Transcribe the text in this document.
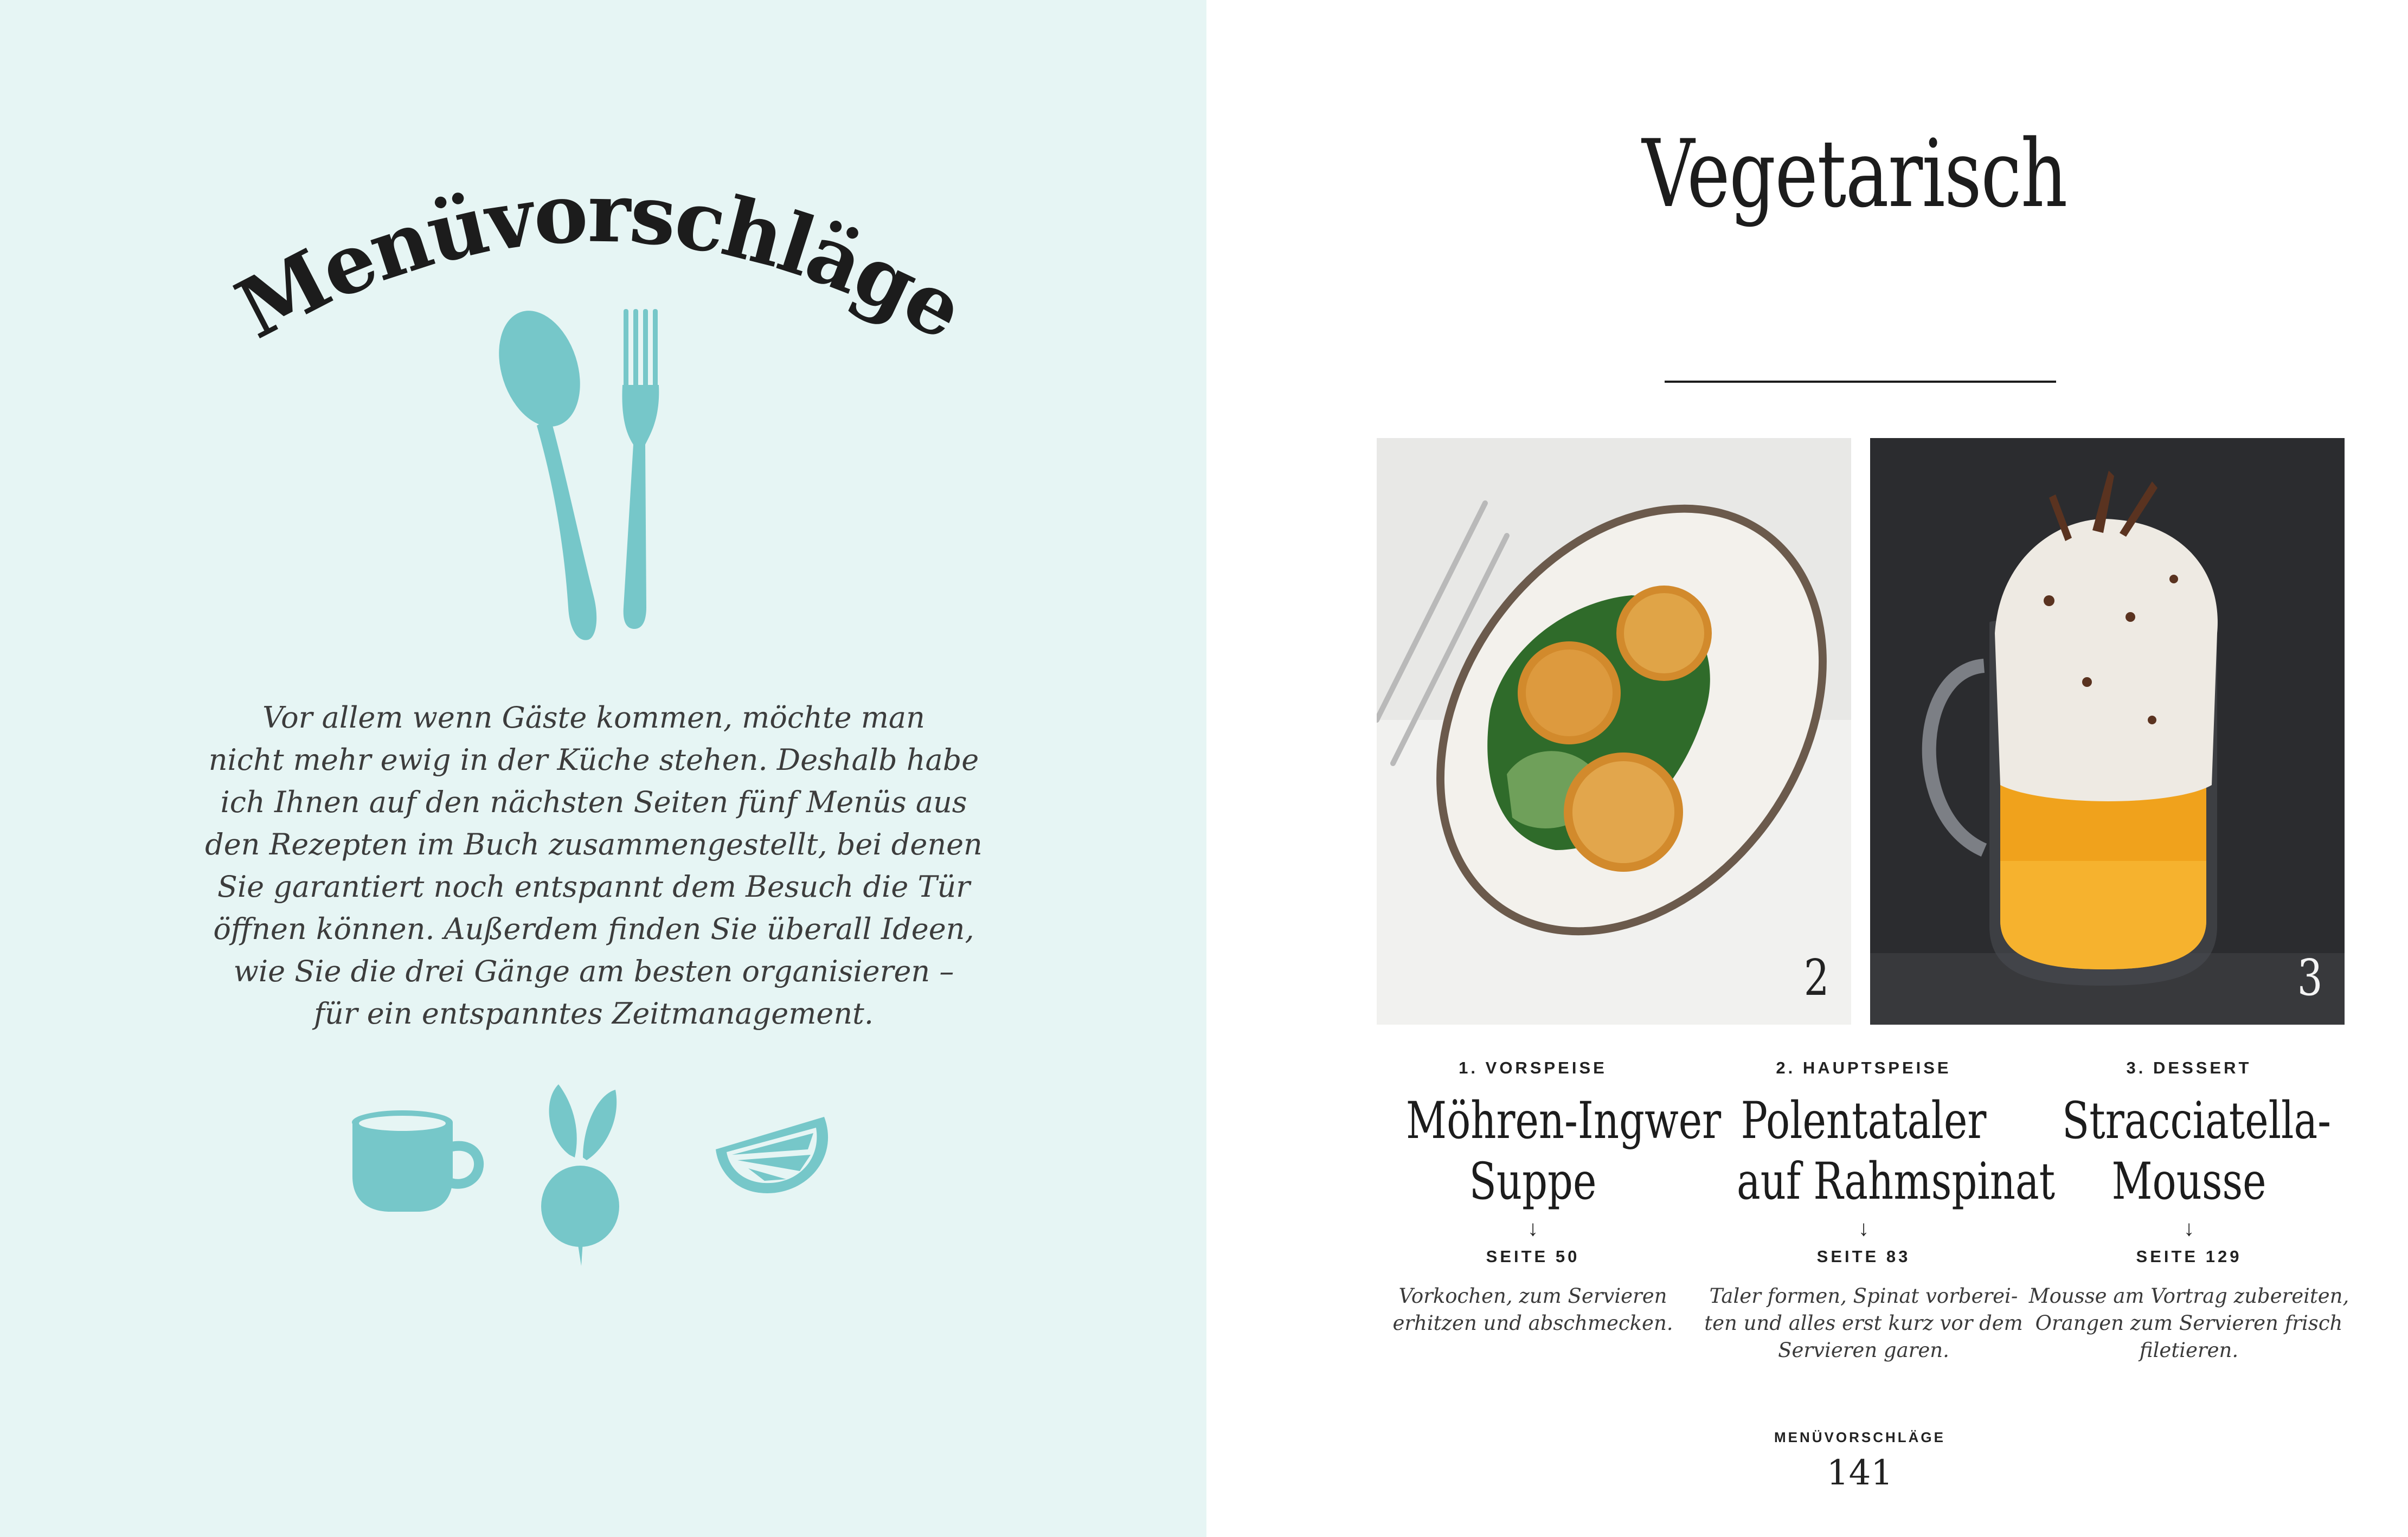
Menüvorschläge
Vor allem wenn Gäste kommen, möchte man
nicht mehr ewig in der Küche stehen. Deshalb habe
ich Ihnen auf den nächsten Seiten fünf Menüs aus
den Rezepten im Buch zusammengestellt, bei denen
Sie garantiert noch entspannt dem Besuch die Tür
öffnen können. Außerdem finden Sie überall Ideen,
wie Sie die drei Gänge am besten organisieren –
für ein entspanntes Zeitmanagement.
Vegetarisch
2	3
1. VORSPEISE
Möhren-Ingwer
Suppe
↓
SEITE 50
Vorkochen, zum Servieren
erhitzen und abschmecken.
2. HAUPTSPEISE
Polentataler
auf Rahmspinat
↓
SEITE 83
Taler formen, Spinat vorberei-
ten und alles erst kurz vor dem
Servieren garen.
3. DESSERT
Stracciatella-
Mousse
↓
SEITE 129
Mousse am Vortrag zubereiten,
Orangen zum Servieren frisch
filetieren.
MENÜVORSCHLÄGE
141
